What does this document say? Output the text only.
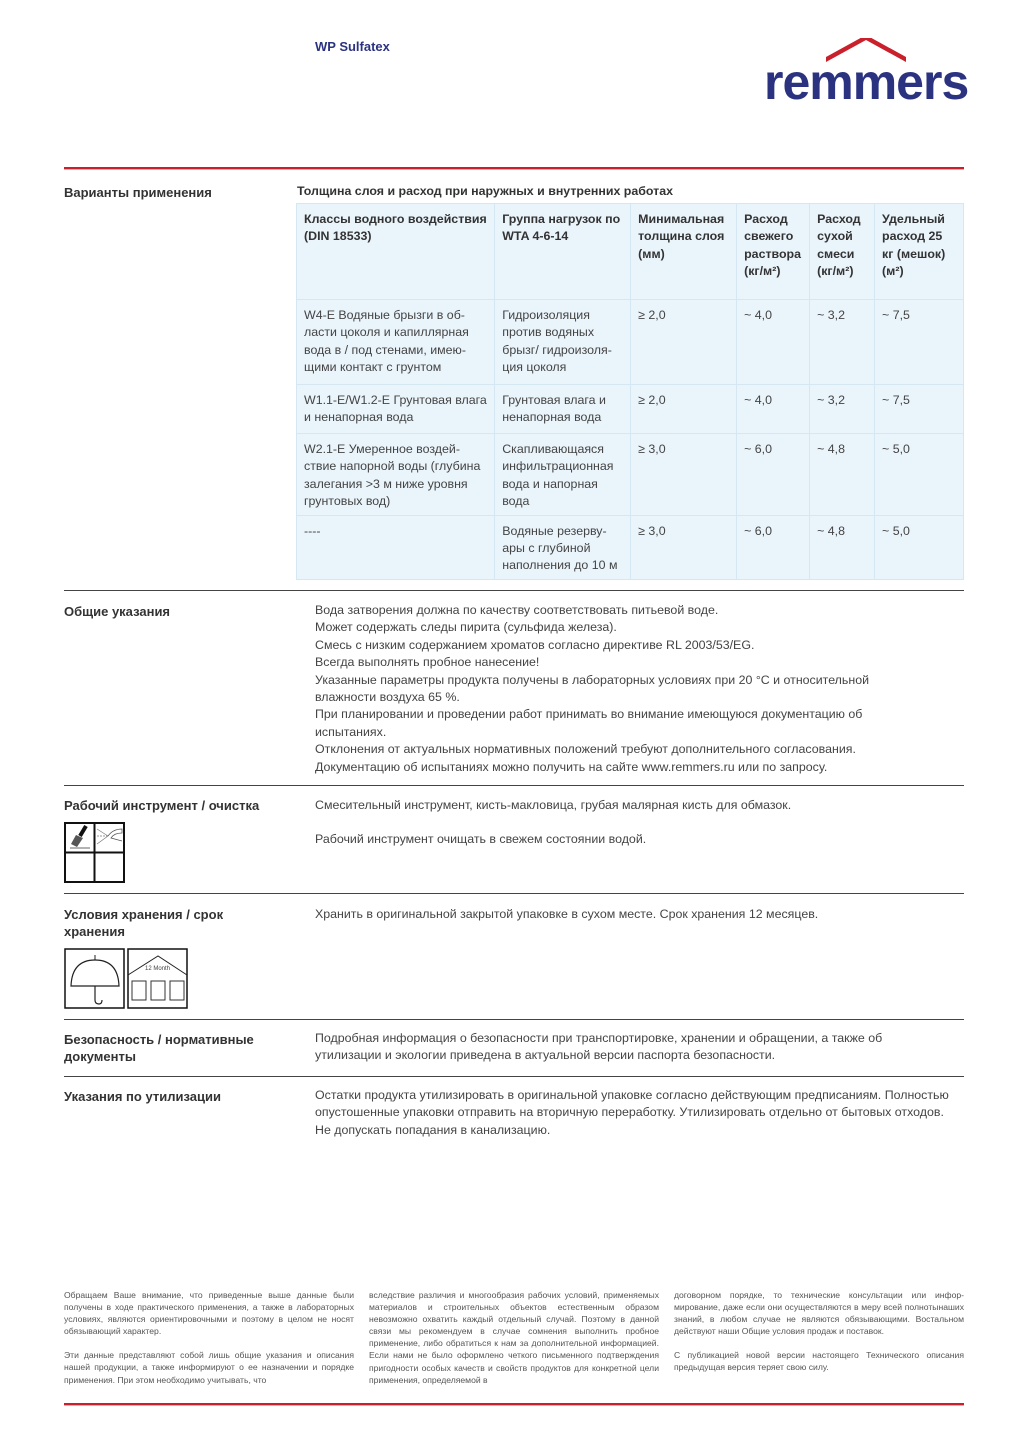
WP Sulfatex
remmers
Варианты применения	Толщина слоя и расход при наружных и внутренних работах
Классы водного воздействия (DIN 18533)	Группа нагрузок по WTA 4-6-14	Минимальная толщина слоя (мм)	Расход свежего раствора (кг/м²)	Расход сухой смеси (кг/м²)	Удельный расход 25 кг (мешок) (м²)
W4-E Водяные брызги в области цоколя и капиллярная вода в / под стенами, имеющими контакт с грунтом	Гидроизоляция против водяных брызг/ гидроизоляция цоколя	≥ 2,0	~ 4,0	~ 3,2	~ 7,5
W1.1-E/W1.2-E Грунтовая влага и ненапорная вода	Грунтовая влага и ненапорная вода	≥ 2,0	~ 4,0	~ 3,2	~ 7,5
W2.1-E Умеренное воздействие напорной воды (глубина залегания >3 м ниже уровня грунтовых вод)	Скапливающаяся инфильтрационная вода и напорная вода	≥ 3,0	~ 6,0	~ 4,8	~ 5,0
----	Водяные резервуары с глубиной наполнения до 10 м	≥ 3,0	~ 6,0	~ 4,8	~ 5,0
Общие указания	Вода затворения должна по качеству соответствовать питьевой воде.

Может содержать следы пирита (сульфида железа).

Смесь с низким содержанием хроматов согласно директиве RL 2003/53/EG.

Всегда выполнять пробное нанесение!

Указанные параметры продукта получены в лабораторных условиях при 20 °С и относительной влажности воздуха 65 %.

При планировании и проведении работ принимать во внимание имеющуюся документацию об испытаниях.

Отклонения от актуальных нормативных положений требуют дополнительного согласования.

Документацию об испытаниях можно получить на сайте www.remmers.ru или по запросу.

Рабочий инструмент / очистка	Смесительный инструмент, кисть-макловица, грубая малярная кисть для обмазок.

Рабочий инструмент очищать в свежем состоянии водой.

Условия хранения / срок хранения
Хранить в оригинальной закрытой упаковке в сухом месте. Срок хранения 12 месяцев.
12 Month
Безопасность / нормативные документы
Подробная информация о безопасности при транспортировке, хранении и обращении, а также об утилизации и экологии приведена в актуальной версии паспорта безопасности.
Указания по утилизации	Остатки продукта утилизировать в оригинальной упаковке согласно действующим предписаниям. Полностью опустошенные упаковки отправить на вторичную переработку. Утилизировать отдельно от бытовых отходов. Не допускать попадания в канализацию.

Обращаем Ваше внимание, что приведенные выше данные были получены в ходе практического применения, а также в лабораторных условиях, являются ориентировочными и поэтому в целом не носят обязывающий характер.

Эти данные представляют собой лишь общие указания и описания нашей продукции, а также информируют о ее назначении и порядке применения. При этом необходимо учитывать, что

вследствие различия и многообразия рабочих условий, применяемых материалов и строительных объектов естественным образом невозможно охватить каждый отдельный случай. Поэтому в данной связи мы рекомендуем в случае сомнения выполнить пробное применение, либо обратиться к нам за дополнительной информацией. Если нами не было оформлено четкого письменного подтверждения пригодности особых качеств и свойств продуктов для конкретной цели применения, определяемой в

договорном порядке, то технические консультации или информирование, даже если они осуществляются в меру всей полнотынаших знаний, в любом случае не являются обязывающими. Востальном действуют наши Общие условия продаж и поставок.

С публикацией новой версии настоящего Технического описания предыдущая версия теряет свою силу.
